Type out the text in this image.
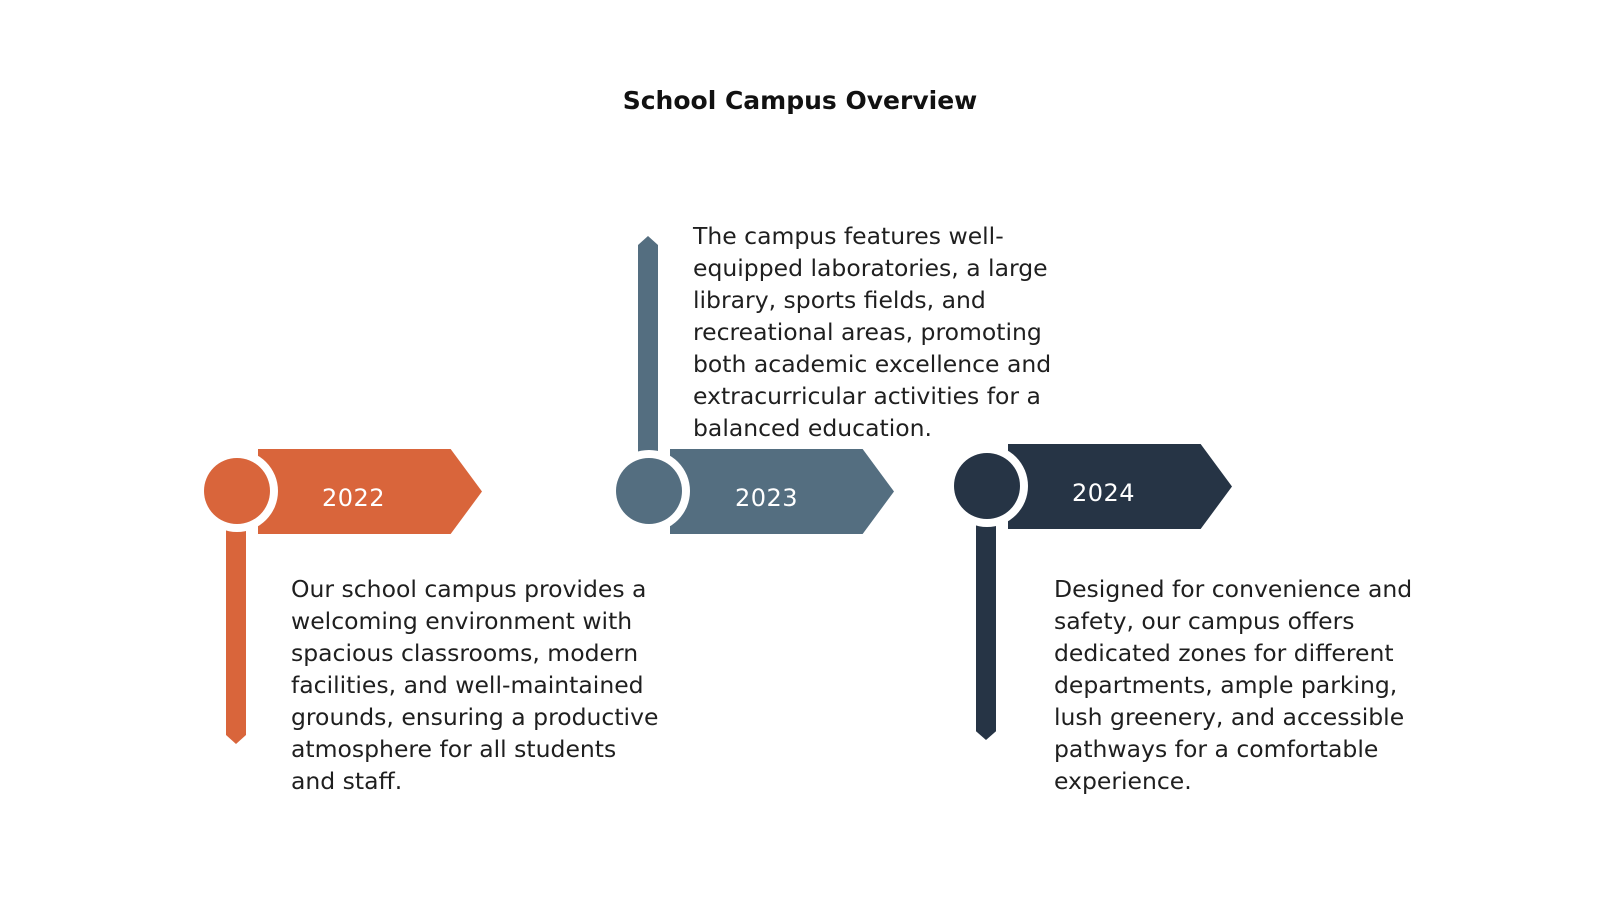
School Campus Overview
2022
Our school campus provides a welcoming environment with spacious classrooms, modern facilities, and well-maintained grounds, ensuring a productive atmosphere for all students and staff.
2023
The campus features well-equipped laboratories, a large library, sports fields, and recreational areas, promoting both academic excellence and extracurricular activities for a balanced education.
2024
Designed for convenience and safety, our campus offers dedicated zones for different departments, ample parking, lush greenery, and accessible pathways for a comfortable experience.
